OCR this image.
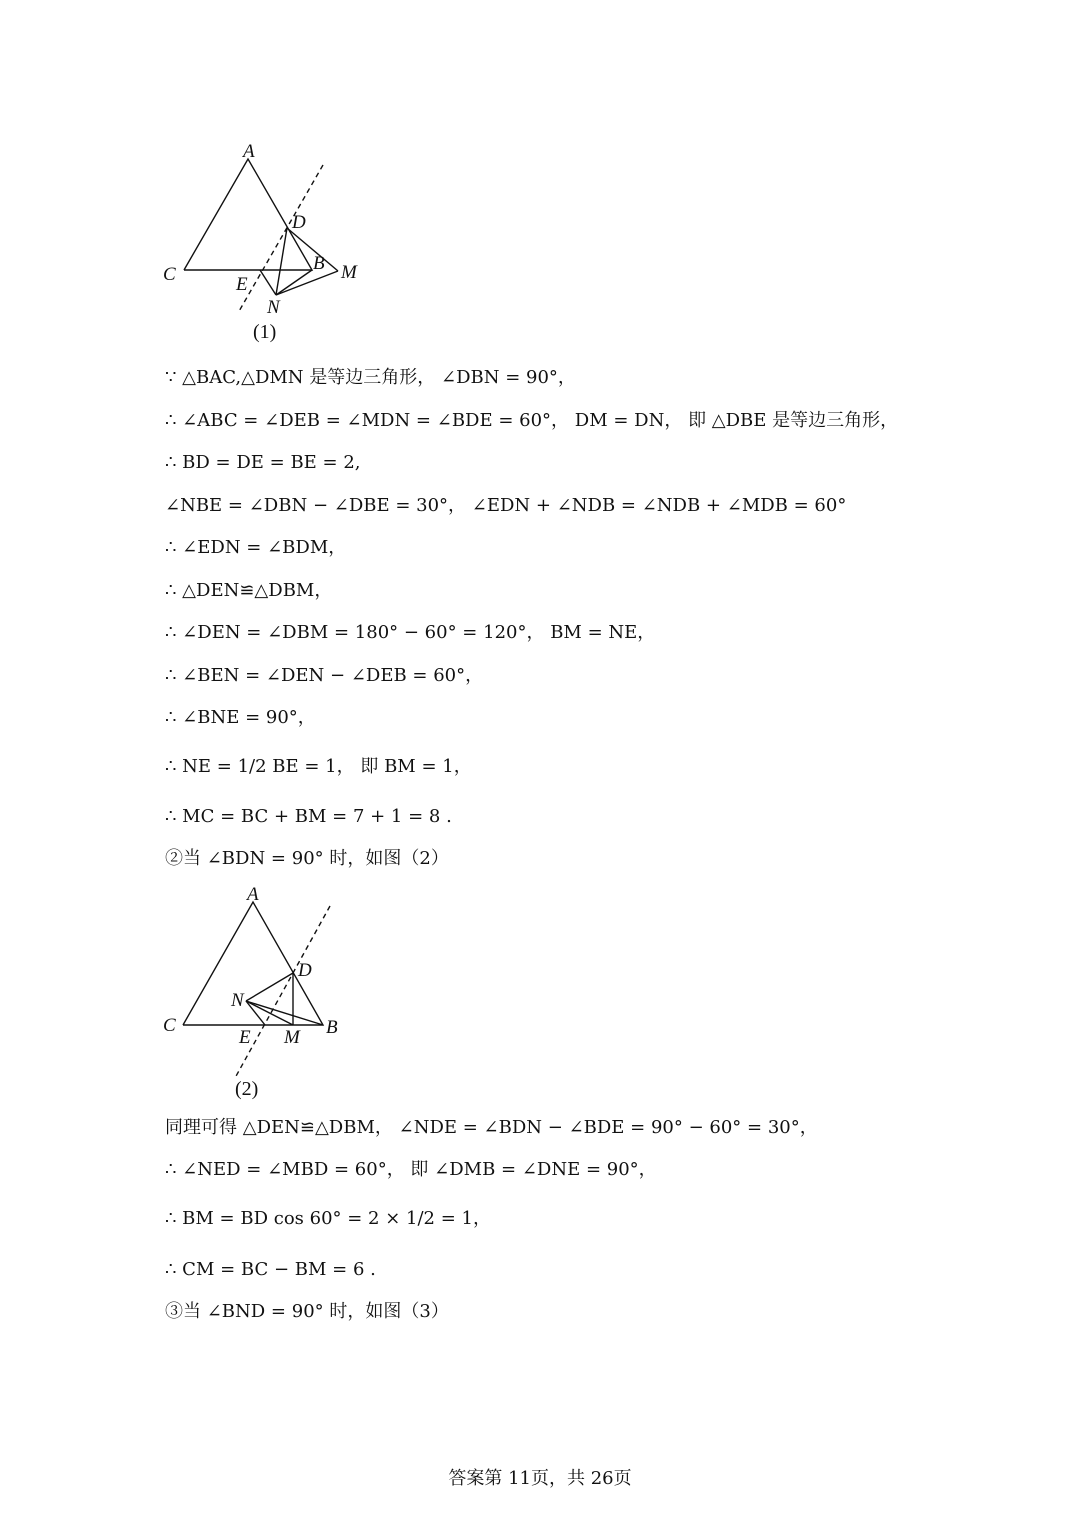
A
C
D
B M
E
N
(1)
∵ △BAC,△DMN 是等边三角形， ∠DBN = 90°，
∴ ∠ABC = ∠DEB = ∠MDN = ∠BDE = 60°， DM = DN， 即 △DBE 是等边三角形，
∴ BD = DE = BE = 2,
∠NBE = ∠DBN − ∠DBE = 30°， ∠EDN + ∠NDB = ∠NDB + ∠MDB = 60°
∴ ∠EDN = ∠BDM，
∴ △DEN≌△DBM，
∴ ∠DEN = ∠DBM = 180° − 60° = 120°， BM = NE，
∴ ∠BEN = ∠DEN − ∠DEB = 60°，
∴ ∠BNE = 90°，
∴ NE = 1/2 BE = 1， 即 BM = 1，
∴ MC = BC + BM = 7 + 1 = 8 .
②当 ∠BDN = 90° 时，如图（2）
A
C
D
N
B
E M
(2)
同理可得 △DEN≌△DBM， ∠NDE = ∠BDN − ∠BDE = 90° − 60° = 30°，
∴ ∠NED = ∠MBD = 60°， 即 ∠DMB = ∠DNE = 90°，
∴ BM = BD cos 60° = 2 × 1/2 = 1，
∴ CM = BC − BM = 6 .
③当 ∠BND = 90° 时，如图（3）
答案第 11页，共 26页
